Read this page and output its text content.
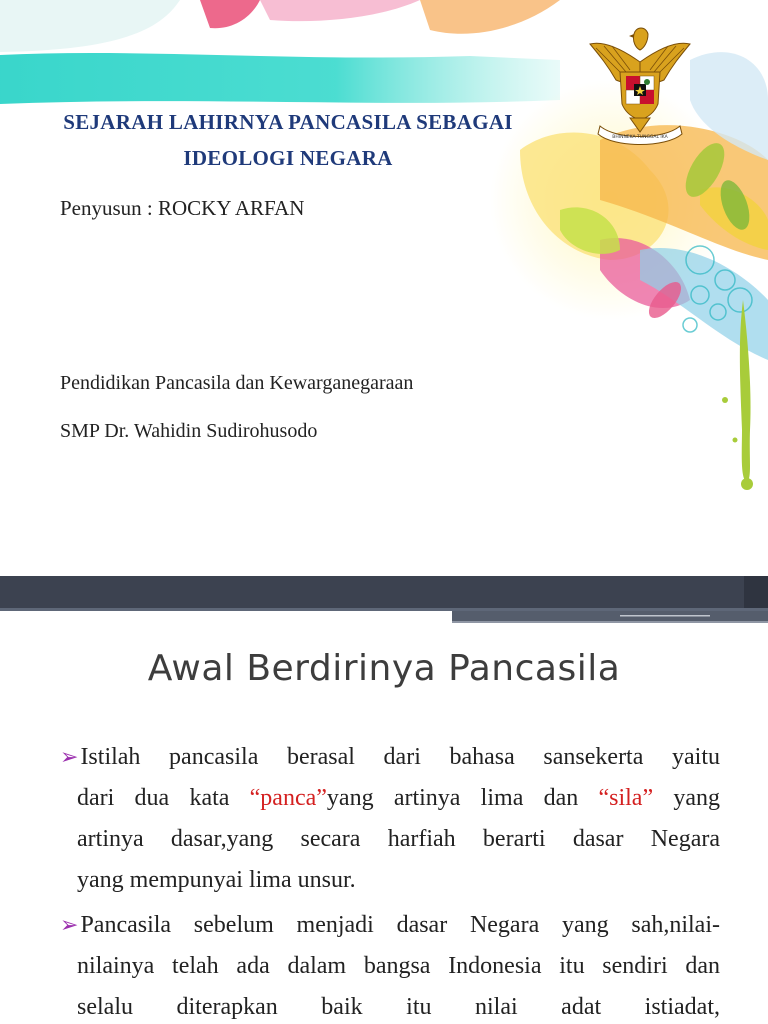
BHINNEKA TUNGGAL IKA
SEJARAH LAHIRNYA PANCASILA SEBAGAI
IDEOLOGI NEGARA
Penyusun : ROCKY ARFAN
Pendidikan Pancasila dan Kewarganegaraan
SMP Dr. Wahidin Sudirohusodo
Awal Berdirinya Pancasila
➢Istilah pancasila berasal dari bahasa sansekerta yaitu
dari dua kata “panca”yang artinya lima dan “sila” yang
artinya dasar,yang secara harfiah berarti dasar Negara
yang mempunyai lima unsur.
➢Pancasila sebelum menjadi dasar Negara yang sah,nilai-
nilainya telah ada dalam bangsa Indonesia itu sendiri dan
selalu diterapkan baik itu nilai adat istiadat,
